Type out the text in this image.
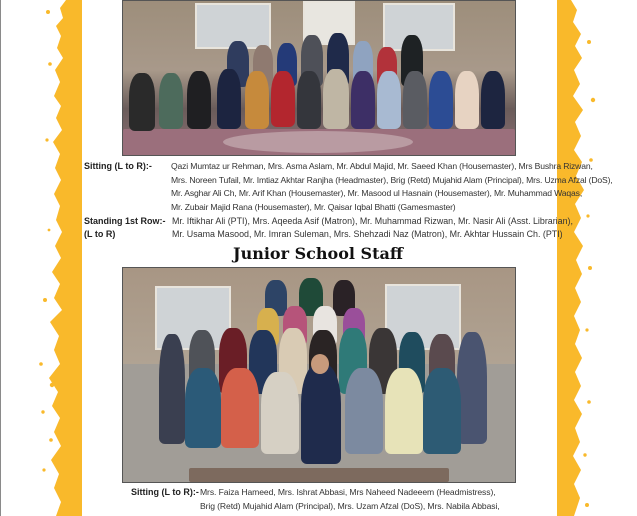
Sitting (L to R):- Qazi Mumtaz ur Rehman, Mrs. Asma Aslam, Mr. Abdul Majid, Mr. Saeed Khan (Housemaster), Mrs Bushra Rizwan,
Mrs. Noreen Tufail, Mr. Imtiaz Akhtar Ranjha (Headmaster), Brig (Retd) Mujahid Alam (Principal), Mrs. Uzma Afzal (DoS),
Mr. Asghar Ali Ch, Mr. Arif Khan (Housemaster), Mr. Masood ul Hasnain (Housemaster), Mr. Muhammad Waqas,
Mr. Zubair Majid Rana (Housemaster), Mr. Qaisar Iqbal Bhatti (Gamesmaster)
Standing 1st Row:-
(L to R)
Mr. Iftikhar Ali (PTI), Mrs. Aqeeda Asif (Matron), Mr. Muhammad Rizwan, Mr. Nasir Ali (Asst. Librarian),
Mr. Usama Masood, Mr. Imran Suleman, Mrs. Shehzadi Naz (Matron), Mr. Akhtar Hussain Ch. (PTI)
Junior School Staff
Sitting (L to R):- Mrs. Faiza Hameed, Mrs. Ishrat Abbasi, Mrs Naheed Nadeeem (Headmistress),
Brig (Retd) Mujahid Alam (Principal), Mrs. Uzam Afzal (DoS), Mrs. Nabila Abbasi,
